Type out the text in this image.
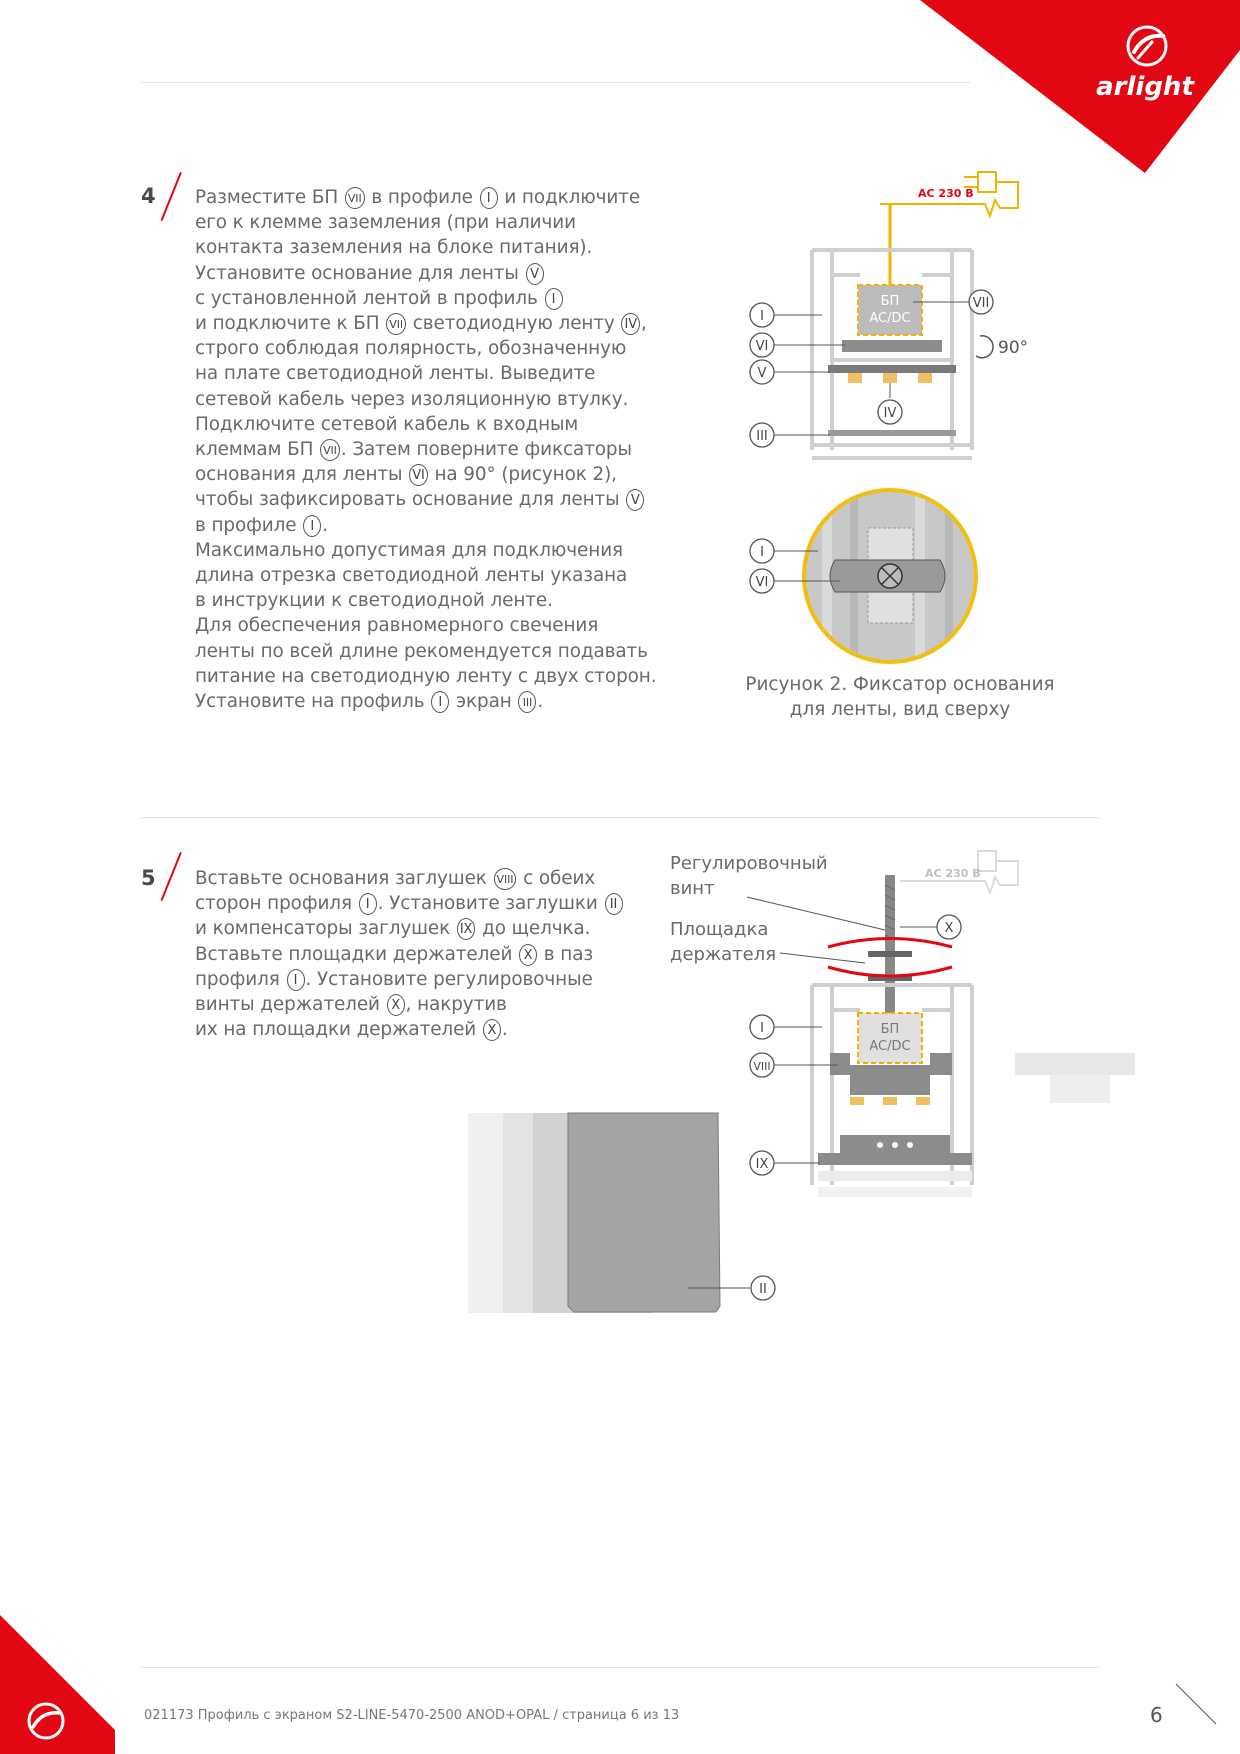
arlight
4 Разместите БП VII в профиле I и подключите
его к клемме заземления (при наличии
контакта заземления на блоке питания).
Установите основание для ленты V
с установленной лентой в профиль I
и подключите к БП VII светодиодную ленту IV ,
строго соблюдая полярность, обозначенную
на плате светодиодной ленты. Выведите
сетевой кабель через изоляционную втулку.
Подключите сетевой кабель к входным
клеммам БП VII . Затем поверните фиксаторы
основания для ленты VI на 90° (рисунок 2),
чтобы зафиксировать основание для ленты V
в профиле I .
Максимально допустимая для подключения
длина отрезка светодиодной ленты указана
в инструкции к светодиодной ленте.
Для обеспечения равномерного свечения
ленты по всей длине рекомендуется подавать
питание на светодиодную ленту с двух сторон.
Установите на профиль I экран III .
AC 230 В
БП
AC/DC
I
VI
V
III
VII
IV
90°
I
VI
Рисунок 2. Фиксатор основания
для ленты, вид сверху
5 Вставьте основания заглушек VIII с обеих
сторон профиля I . Установите заглушки II
и компенсаторы заглушек IX до щелчка.
Вставьте площадки держателей X в паз
профиля I . Установите регулировочные
винты держателей X , накрутив
их на площадки держателей X .
Регулировочный
винт
Площадка
держателя
AC 230 В
БП
AC/DC
X
I
VIII
IX
II
021173 Профиль с экраном S2-LINE-5470-2500 ANOD+OPAL / страница 6 из 13	6
